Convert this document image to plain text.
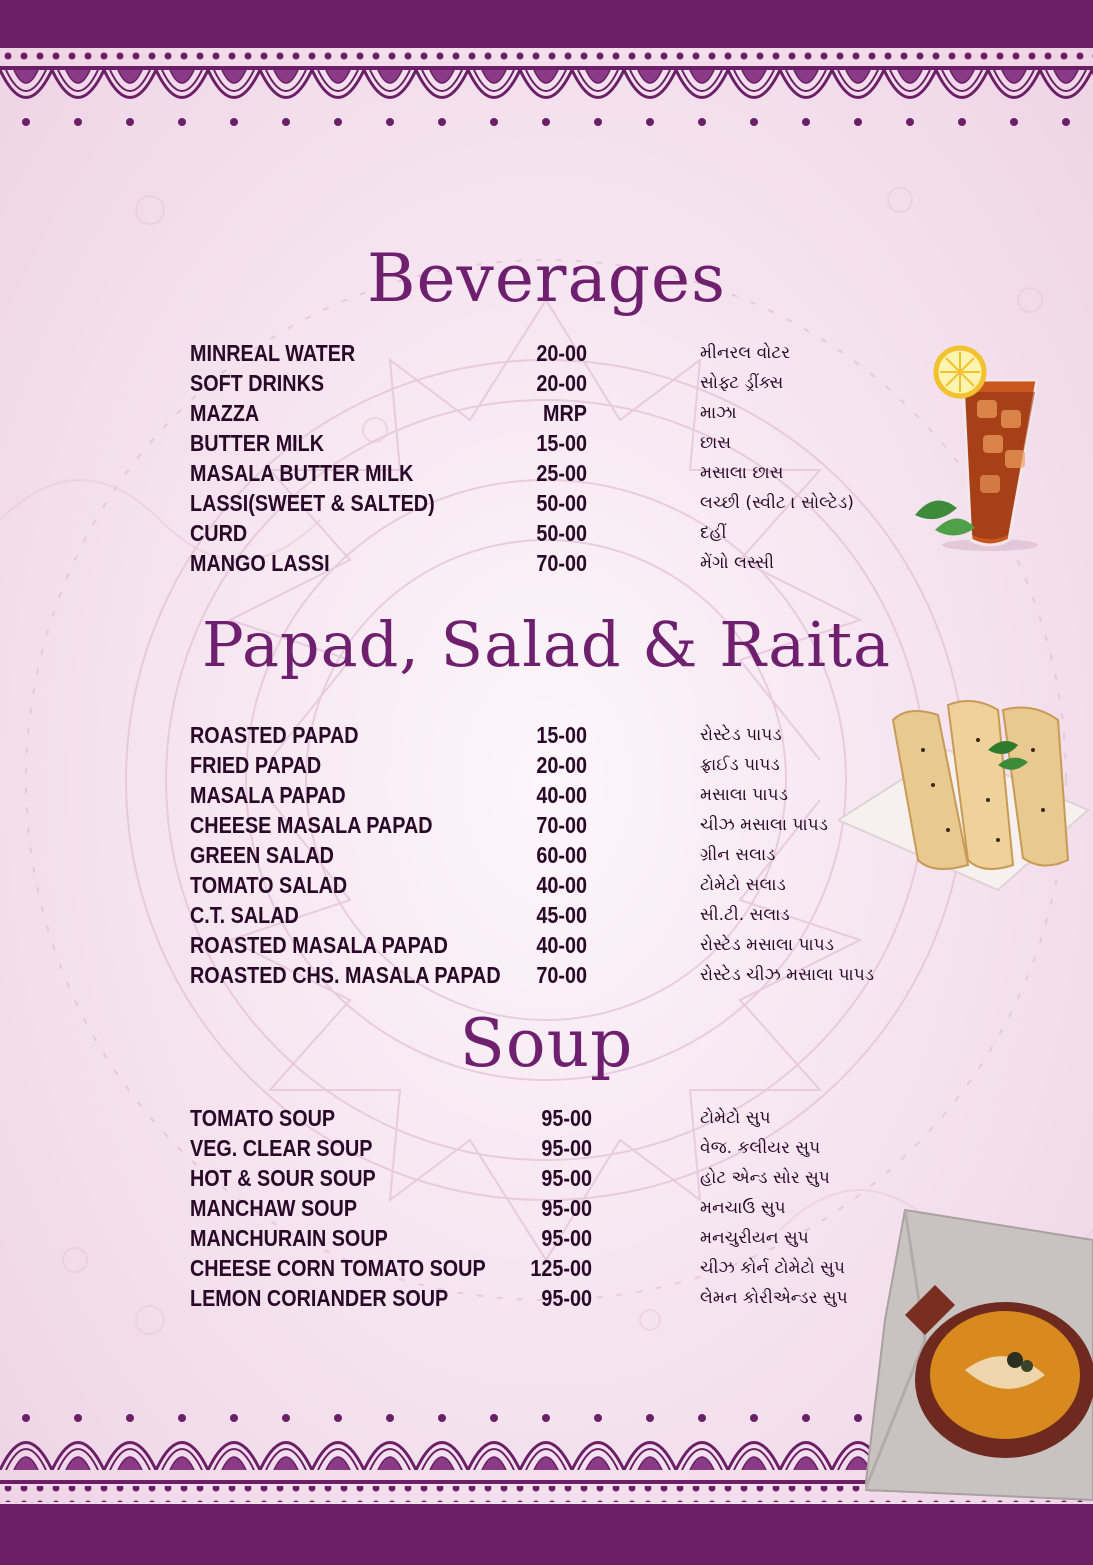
Beverages
MINREAL WATER	20-00	મીનરલ વોટર
SOFT DRINKS	20-00	સોફ્ટ ડ્રીંક્સ
MAZZA	MRP	માઝા
BUTTER MILK	15-00	છાસ
MASALA BUTTER MILK	25-00	મસાલા છાસ
LASSI(SWEET & SALTED)	50-00	લચ્છી (સ્વીટ । સોલ્ટેડ)
CURD	50-00	દહીં
MANGO LASSI	70-00	મેંગો લસ્સી
Papad, Salad & Raita
ROASTED PAPAD	15-00	રોસ્ટેડ પાપડ
FRIED PAPAD	20-00	ફ્રાઈડ પાપડ
MASALA PAPAD	40-00	મસાલા પાપડ
CHEESE MASALA PAPAD	70-00	ચીઝ મસાલા પાપડ
GREEN SALAD	60-00	ગ્રીન સલાડ
TOMATO SALAD	40-00	ટોમેટો સલાડ
C.T. SALAD	45-00	સી.ટી. સલાડ
ROASTED MASALA PAPAD	40-00	રોસ્ટેડ મસાલા પાપડ
ROASTED CHS. MASALA PAPAD	70-00	રોસ્ટેડ ચીઝ મસાલા પાપડ
Soup
TOMATO SOUP	95-00	ટોમેટો સુપ
VEG. CLEAR SOUP	95-00	વેજ. કલીયર સુપ
HOT & SOUR SOUP	95-00	હોટ એન્ડ સોર સુપ
MANCHAW SOUP	95-00	મનચાઉ સુપ
MANCHURAIN SOUP	95-00	મનચુરીયન સુપ
CHEESE CORN TOMATO SOUP	125-00	ચીઝ કોર્ન ટોમેટો સુપ
LEMON CORIANDER SOUP	95-00	લેમન કોરીએન્ડર સુપ
